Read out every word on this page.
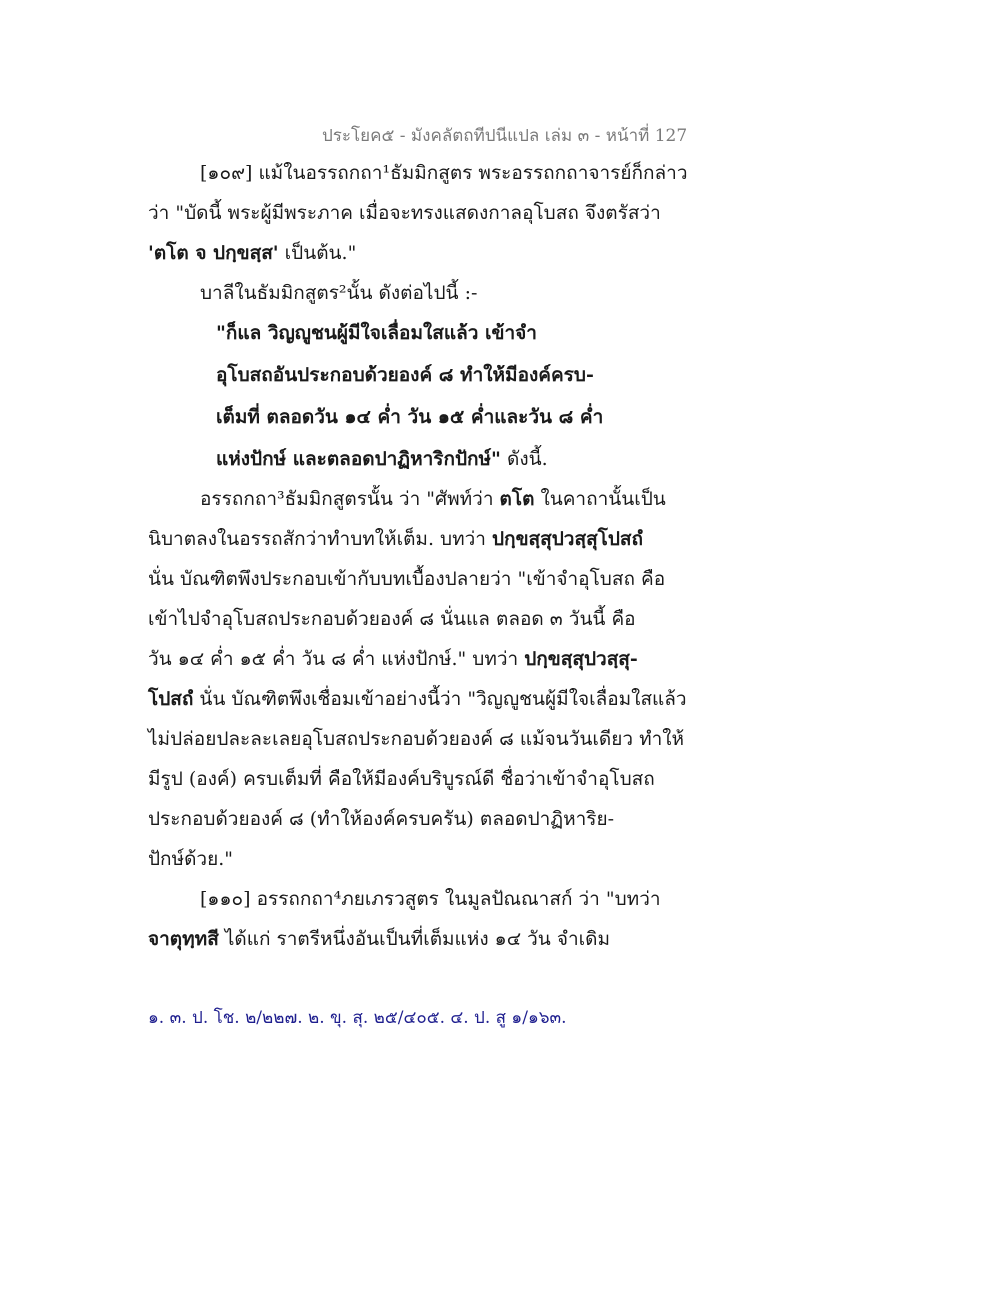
ประโยค๕ - มังคลัตถทีปนีแปล เล่ม ๓ - หน้าที่ 127
[๑๐๙] แม้ในอรรถกถา¹ธัมมิกสูตร พระอรรถกถาจารย์ก็กล่าว
ว่า "บัดนี้ พระผู้มีพระภาค เมื่อจะทรงแสดงกาลอุโบสถ จึงตรัสว่า
'ตโต จ ปกฺขสฺส' เป็นต้น."
บาลีในธัมมิกสูตร²นั้น ดังต่อไปนี้ :-
"ก็แล วิญญูชนผู้มีใจเลื่อมใสแล้ว เข้าจำ
อุโบสถอันประกอบด้วยองค์ ๘ ทำให้มีองค์ครบ-
เต็มที่ ตลอดวัน ๑๔ ค่ำ วัน ๑๕ ค่ำและวัน ๘ ค่ำ
แห่งปักษ์ และตลอดปาฏิหาริกปักษ์" ดังนี้.
อรรถกถา³ธัมมิกสูตรนั้น ว่า "ศัพท์ว่า ตโต ในคาถานั้นเป็น
นิบาตลงในอรรถสักว่าทำบทให้เต็ม. บทว่า ปกฺขสฺสุปวสฺสุโปสถํ
นั่น บัณฑิตพึงประกอบเข้ากับบทเบื้องปลายว่า "เข้าจำอุโบสถ คือ
เข้าไปจำอุโบสถประกอบด้วยองค์ ๘ นั่นแล ตลอด ๓ วันนี้ คือ
วัน ๑๔ ค่ำ ๑๕ ค่ำ วัน ๘ ค่ำ แห่งปักษ์." บทว่า ปกฺขสฺสุปวสฺสุ-
โปสถํ นั่น บัณฑิตพึงเชื่อมเข้าอย่างนี้ว่า "วิญญูชนผู้มีใจเลื่อมใสแล้ว
ไม่ปล่อยปละละเลยอุโบสถประกอบด้วยองค์ ๘ แม้จนวันเดียว ทำให้
มีรูป (องค์) ครบเต็มที่ คือให้มีองค์บริบูรณ์ดี ชื่อว่าเข้าจำอุโบสถ
ประกอบด้วยองค์ ๘ (ทำให้องค์ครบครัน) ตลอดปาฏิหาริย-
ปักษ์ด้วย."
[๑๑๐] อรรถกถา⁴ภยเภรวสูตร ในมูลปัณณาสก์ ว่า "บทว่า
จาตุทฺทสี ได้แก่ ราตรีหนึ่งอันเป็นที่เต็มแห่ง ๑๔ วัน จำเดิม
๑. ๓. ป. โช. ๒/๒๒๗. ๒. ขุ. สุ. ๒๕/๔๐๕. ๔. ป. สู ๑/๑๖๓.
